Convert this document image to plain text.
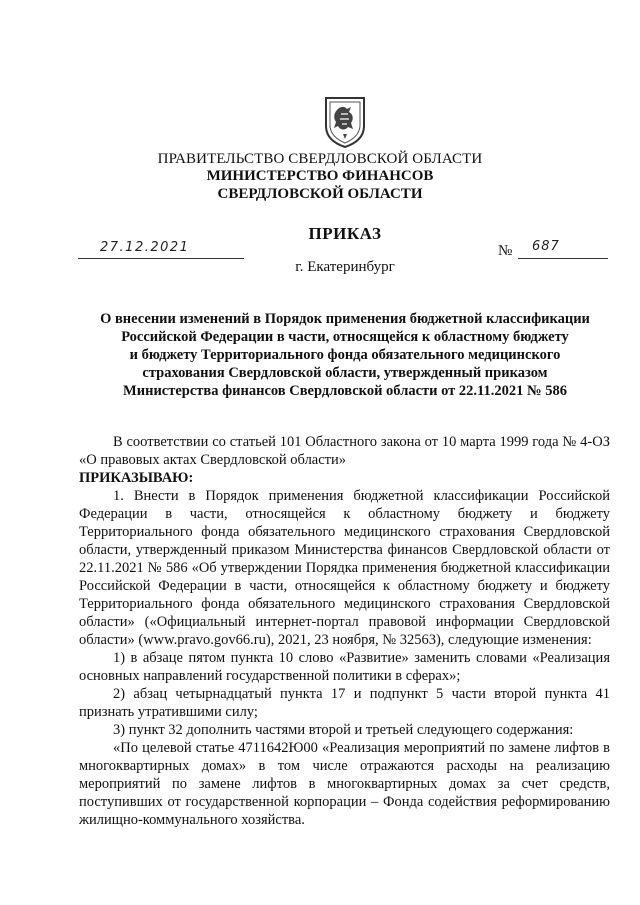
ПРАВИТЕЛЬСТВО СВЕРДЛОВСКОЙ ОБЛАСТИ
МИНИСТЕРСТВО ФИНАНСОВ
СВЕРДЛОВСКОЙ ОБЛАСТИ
ПРИКАЗ
27.12.2021	№ 687
г. Екатеринбург
О внесении изменений в Порядок применения бюджетной классификации
Российской Федерации в части, относящейся к областному бюджету
и бюджету Территориального фонда обязательного медицинского
страхования Свердловской области, утвержденный приказом
Министерства финансов Свердловской области от 22.11.2021 № 586

В соответствии со статьей 101 Областного закона от 10 марта 1999 года № 4-ОЗ «О правовых актах Свердловской области»

ПРИКАЗЫВАЮ:

1. Внести в Порядок применения бюджетной классификации Российской Федерации в части, относящейся к областному бюджету и бюджету Территориального фонда обязательного медицинского страхования Свердловской области, утвержденный приказом Министерства финансов Свердловской области от 22.11.2021 № 586 «Об утверждении Порядка применения бюджетной классификации Российской Федерации в части, относящейся к областному бюджету и бюджету Территориального фонда обязательного медицинского страхования Свердловской области» («Официальный интернет-портал правовой информации Свердловской области» (www.pravo.gov66.ru), 2021, 23 ноября, № 32563), следующие изменения:

1) в абзаце пятом пункта 10 слово «Развитие» заменить словами «Реализация основных направлений государственной политики в сферах»;

2) абзац четырнадцатый пункта 17 и подпункт 5 части второй пункта 41 признать утратившими силу;

3) пункт 32 дополнить частями второй и третьей следующего содержания:

«По целевой статье 4711642Ю00 «Реализация мероприятий по замене лифтов в многоквартирных домах» в том числе отражаются расходы на реализацию мероприятий по замене лифтов в многоквартирных домах за счет средств, поступивших от государственной корпорации – Фонда содействия реформированию жилищно-коммунального хозяйства.
